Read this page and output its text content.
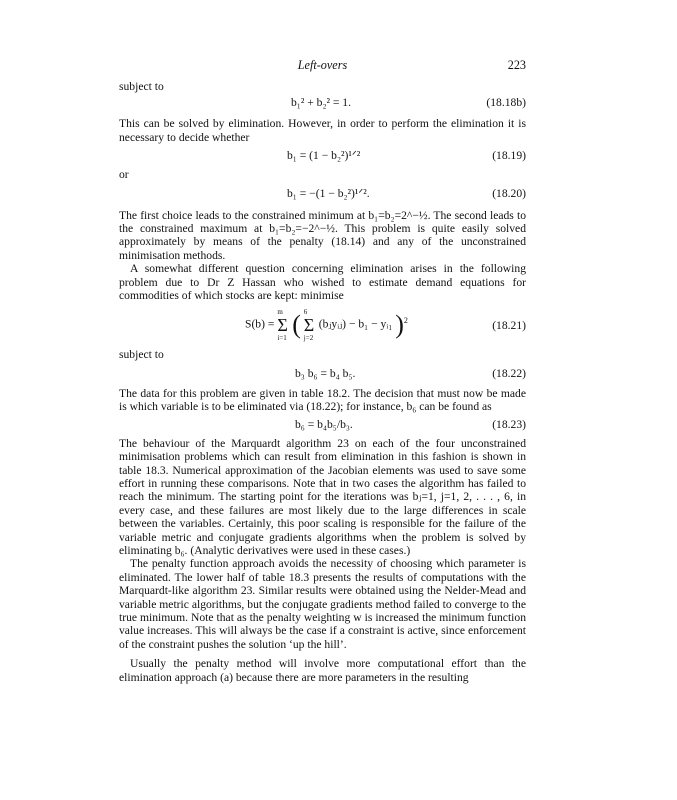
Left-overs	223

subject to

b₁² + b₂² = 1.	(18.18b)

This can be solved by elimination. However, in order to perform the elimination it is necessary to decide whether

b₁ = (1 − b₂²)¹ᐟ²	(18.19)

or

b₁ = −(1 − b₂²)¹ᐟ².	(18.20)

The first choice leads to the constrained minimum at b₁=b₂=2^−½. The second leads to the constrained maximum at b₁=b₂=−2^−½. This problem is quite easily solved approximately by means of the penalty (18.14) and any of the unconstrained minimisation methods.

A somewhat different question concerning elimination arises in the following problem due to Dr Z Hassan who wished to estimate demand equations for commodities of which stocks are kept: minimise

S(b) =
m
Σ
i=1 ( 6
Σ
j=2
(bⱼyᵢⱼ) − b₁ − yᵢ₁ )$^2$	(18.21)

subject to

b₃ b₆ = b₄ b₅.	(18.22)

The data for this problem are given in table 18.2. The decision that must now be made is which variable is to be eliminated via (18.22); for instance, b₆ can be found as

b₆ = b₄b₅/b₃.	(18.23)

The behaviour of the Marquardt algorithm 23 on each of the four unconstrained minimisation problems which can result from elimination in this fashion is shown in table 18.3. Numerical approximation of the Jacobian elements was used to save some effort in running these comparisons. Note that in two cases the algorithm has failed to reach the minimum. The starting point for the iterations was bⱼ=1, j=1, 2, . . . , 6, in every case, and these failures are most likely due to the large differences in scale between the variables. Certainly, this poor scaling is responsible for the failure of the variable metric and conjugate gradients algorithms when the problem is solved by eliminating b₆. (Analytic derivatives were used in these cases.)

The penalty function approach avoids the necessity of choosing which parameter is eliminated. The lower half of table 18.3 presents the results of computations with the Marquardt-like algorithm 23. Similar results were obtained using the Nelder-Mead and variable metric algorithms, but the conjugate gradients method failed to converge to the true minimum. Note that as the penalty weighting w is increased the minimum function value increases. This will always be the case if a constraint is active, since enforcement of the constraint pushes the solution ‘up the hill’.

Usually the penalty method will involve more computational effort than the elimination approach (a) because there are more parameters in the resulting
